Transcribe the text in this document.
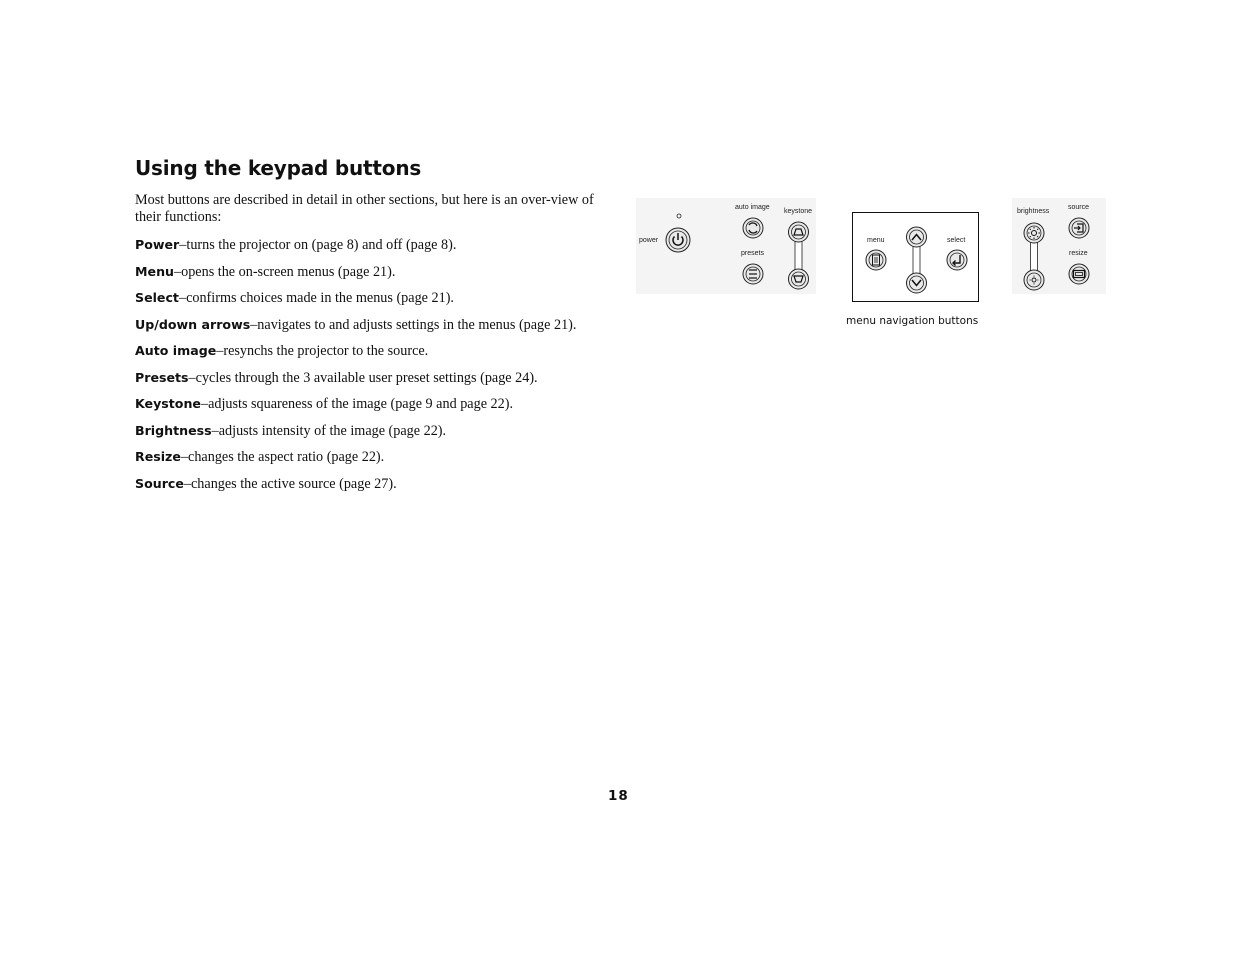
Using the keypad buttons

Most buttons are described in detail in other sections, but here is an over-view of their functions:

Power–turns the projector on (page 8) and off (page 8).
Menu–opens the on-screen menus (page 21).
Select–confirms choices made in the menus (page 21).
Up/down arrows–navigates to and adjusts settings in the menus (page 21).
Auto image–resynchs the projector to the source.
Presets–cycles through the 3 available user preset settings (page 24).
Keystone–adjusts squareness of the image (page 9 and page 22).
Brightness–adjusts intensity of the image (page 22).
Resize–changes the aspect ratio (page 22).
Source–changes the active source (page 27).
power
auto image
presets
keystone
menu	select
brightness
source
resize
menu navigation buttons
18
